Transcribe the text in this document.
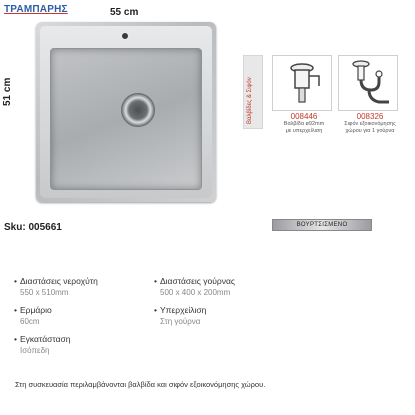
ΤΡΑΜΠΑΡΗΣ	55 cm
51 cm	Βαλβίδες & Σιφόν	008446
Βαλβίδα ø92mm
με υπερχείλιση
008326
Σιφόν εξοικονόμησης
χώρου για 1 γούρνα
Sku: 005661	ΒΟΥΡΤΣΙΣΜΕΝΟ
• Διαστάσεις νεροχύτη
550 x 510mm
• Ερμάριο
60cm
• Εγκατάσταση
Ισόπεδη
• Διαστάσεις γούρνας
500 x 400 x 200mm
• Υπερχείλιση
Στη γούρνα
Στη συσκευασία περιλαμβάνονται βαλβίδα και σιφόν εξοικονόμησης χώρου.
